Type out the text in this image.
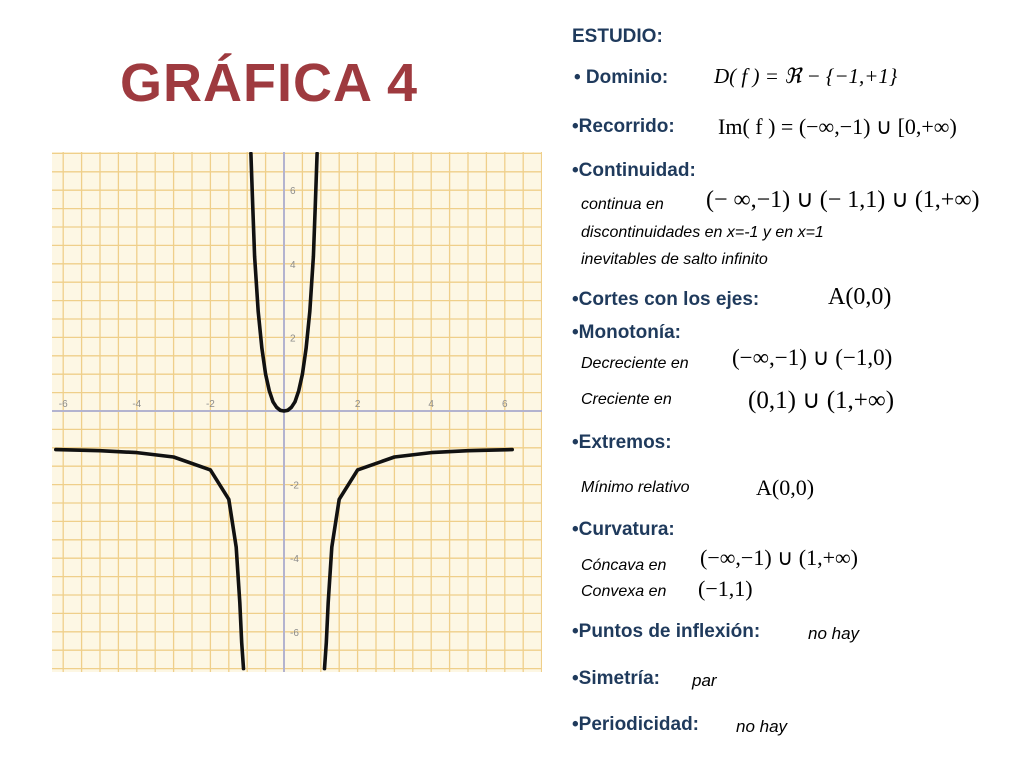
GRÁFICA 4
-6	-4	-2	2	4	6
6
4
2
-2
-4
-6
ESTUDIO:
• Dominio: D( f ) = ℜ − {−1,+1}
•Recorrido: Im( f ) = (−∞,−1) ∪ [0,+∞)
•Continuidad:
continua en (− ∞,−1) ∪ (− 1,1) ∪ (1,+∞)
discontinuidades en x=-1 y en x=1
inevitables de salto infinito
•Cortes con los ejes:	A(0,0)
•Monotonía:
Decreciente en (−∞,−1) ∪ (−1,0)
Creciente en	(0,1) ∪ (1,+∞)
•Extremos:
Mínimo relativo	A(0,0)
•Curvatura:
Cóncava en (−∞,−1) ∪ (1,+∞)
Convexa en (−1,1)
•Puntos de inflexión:	no hay
•Simetría: par
•Periodicidad: no hay
